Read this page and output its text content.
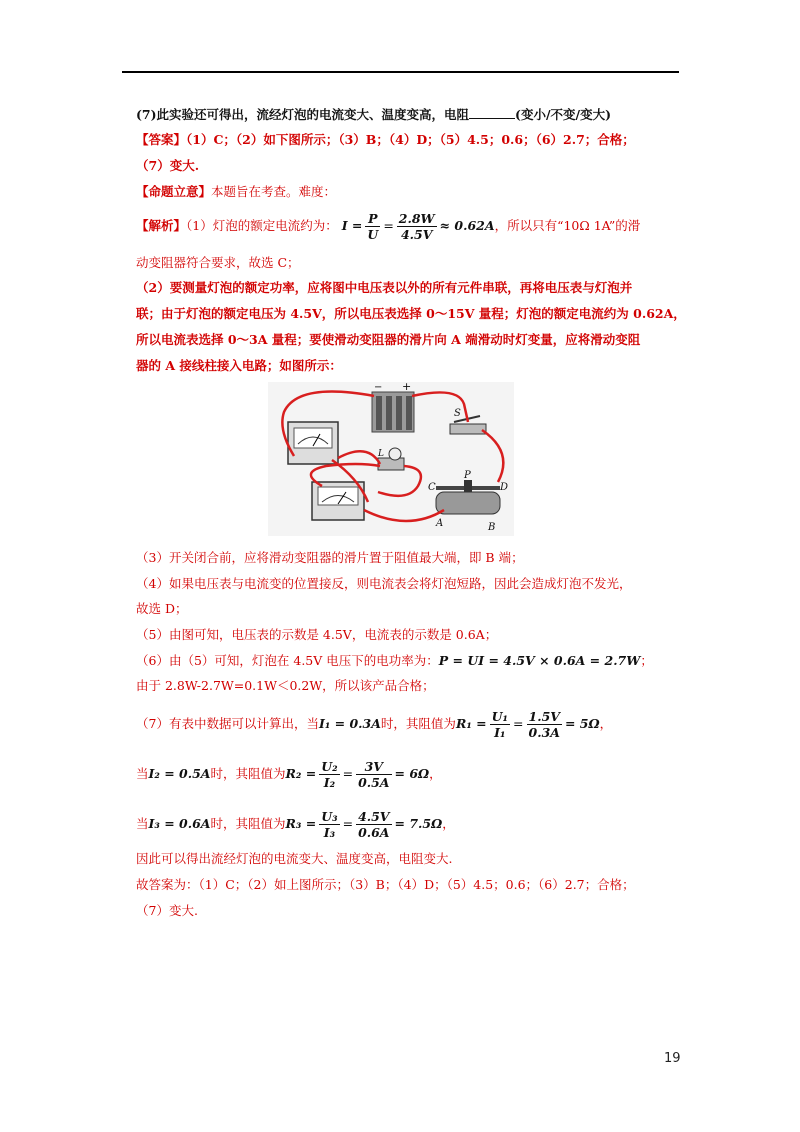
(7)此实验还可得出，流经灯泡的电流变大、温度变高，电阻	(变小/不变/变大)
【答案】（1）C；（2）如下图所示；（3）B；（4）D；（5）4.5；0.6；（6）2.7；合格；
（7）变大.
【命题立意】本题旨在考查。难度：
【解析】（1）灯泡的额定电流约为： $I = \frac{P}{U} = \frac{2.8W}{4.5V} \approx 0.62A$，所以只有“10Ω 1A”的滑
动变阻器符合要求，故选 C；
（2）要测量灯泡的额定功率，应将图中电压表以外的所有元件串联，再将电压表与灯泡并
联；由于灯泡的额定电压为 4.5V，所以电压表选择 0～15V 量程；灯泡的额定电流约为 0.62A，
所以电流表选择 0～3A 量程；要使滑动变阻器的滑片向 A 端滑动时灯变量，应将滑动变阻
器的 A 接线柱接入电路；如图所示：
− +
L
S
C
P
D
A	B
（3）开关闭合前，应将滑动变阻器的滑片置于阻值最大端，即 B 端；
（4）如果电压表与电流变的位置接反，则电流表会将灯泡短路，因此会造成灯泡不发光，
故选 D；
（5）由图可知，电压表的示数是 4.5V，电流表的示数是 0.6A；
（6）由（5）可知，灯泡在 4.5V 电压下的电功率为：P = UI = 4.5V × 0.6A = 2.7W；
由于 2.8W-2.7W=0.1W＜0.2W，所以该产品合格；
（7）有表中数据可以计算出，当I₁ = 0.3A时，其阻值为$R_1 = \frac{\text{U₁}}{\text{I₁}} = \frac{1.5V}{0.3A} = 5\Omega$，
当I₂ = 0.5A时，其阻值为$R_2 = \frac{\text{U₂}}{\text{I₂}} = \frac{3V}{0.5A} = 6\Omega$，
当I₃ = 0.6A时，其阻值为$R_3 = \frac{\text{U₃}}{\text{I₃}} = \frac{4.5V}{0.6A} = 7.5\Omega$，
因此可以得出流经灯泡的电流变大、温度变高，电阻变大.
故答案为：（1）C；（2）如上图所示；（3）B；（4）D；（5）4.5；0.6；（6）2.7；合格；
（7）变大.
19
